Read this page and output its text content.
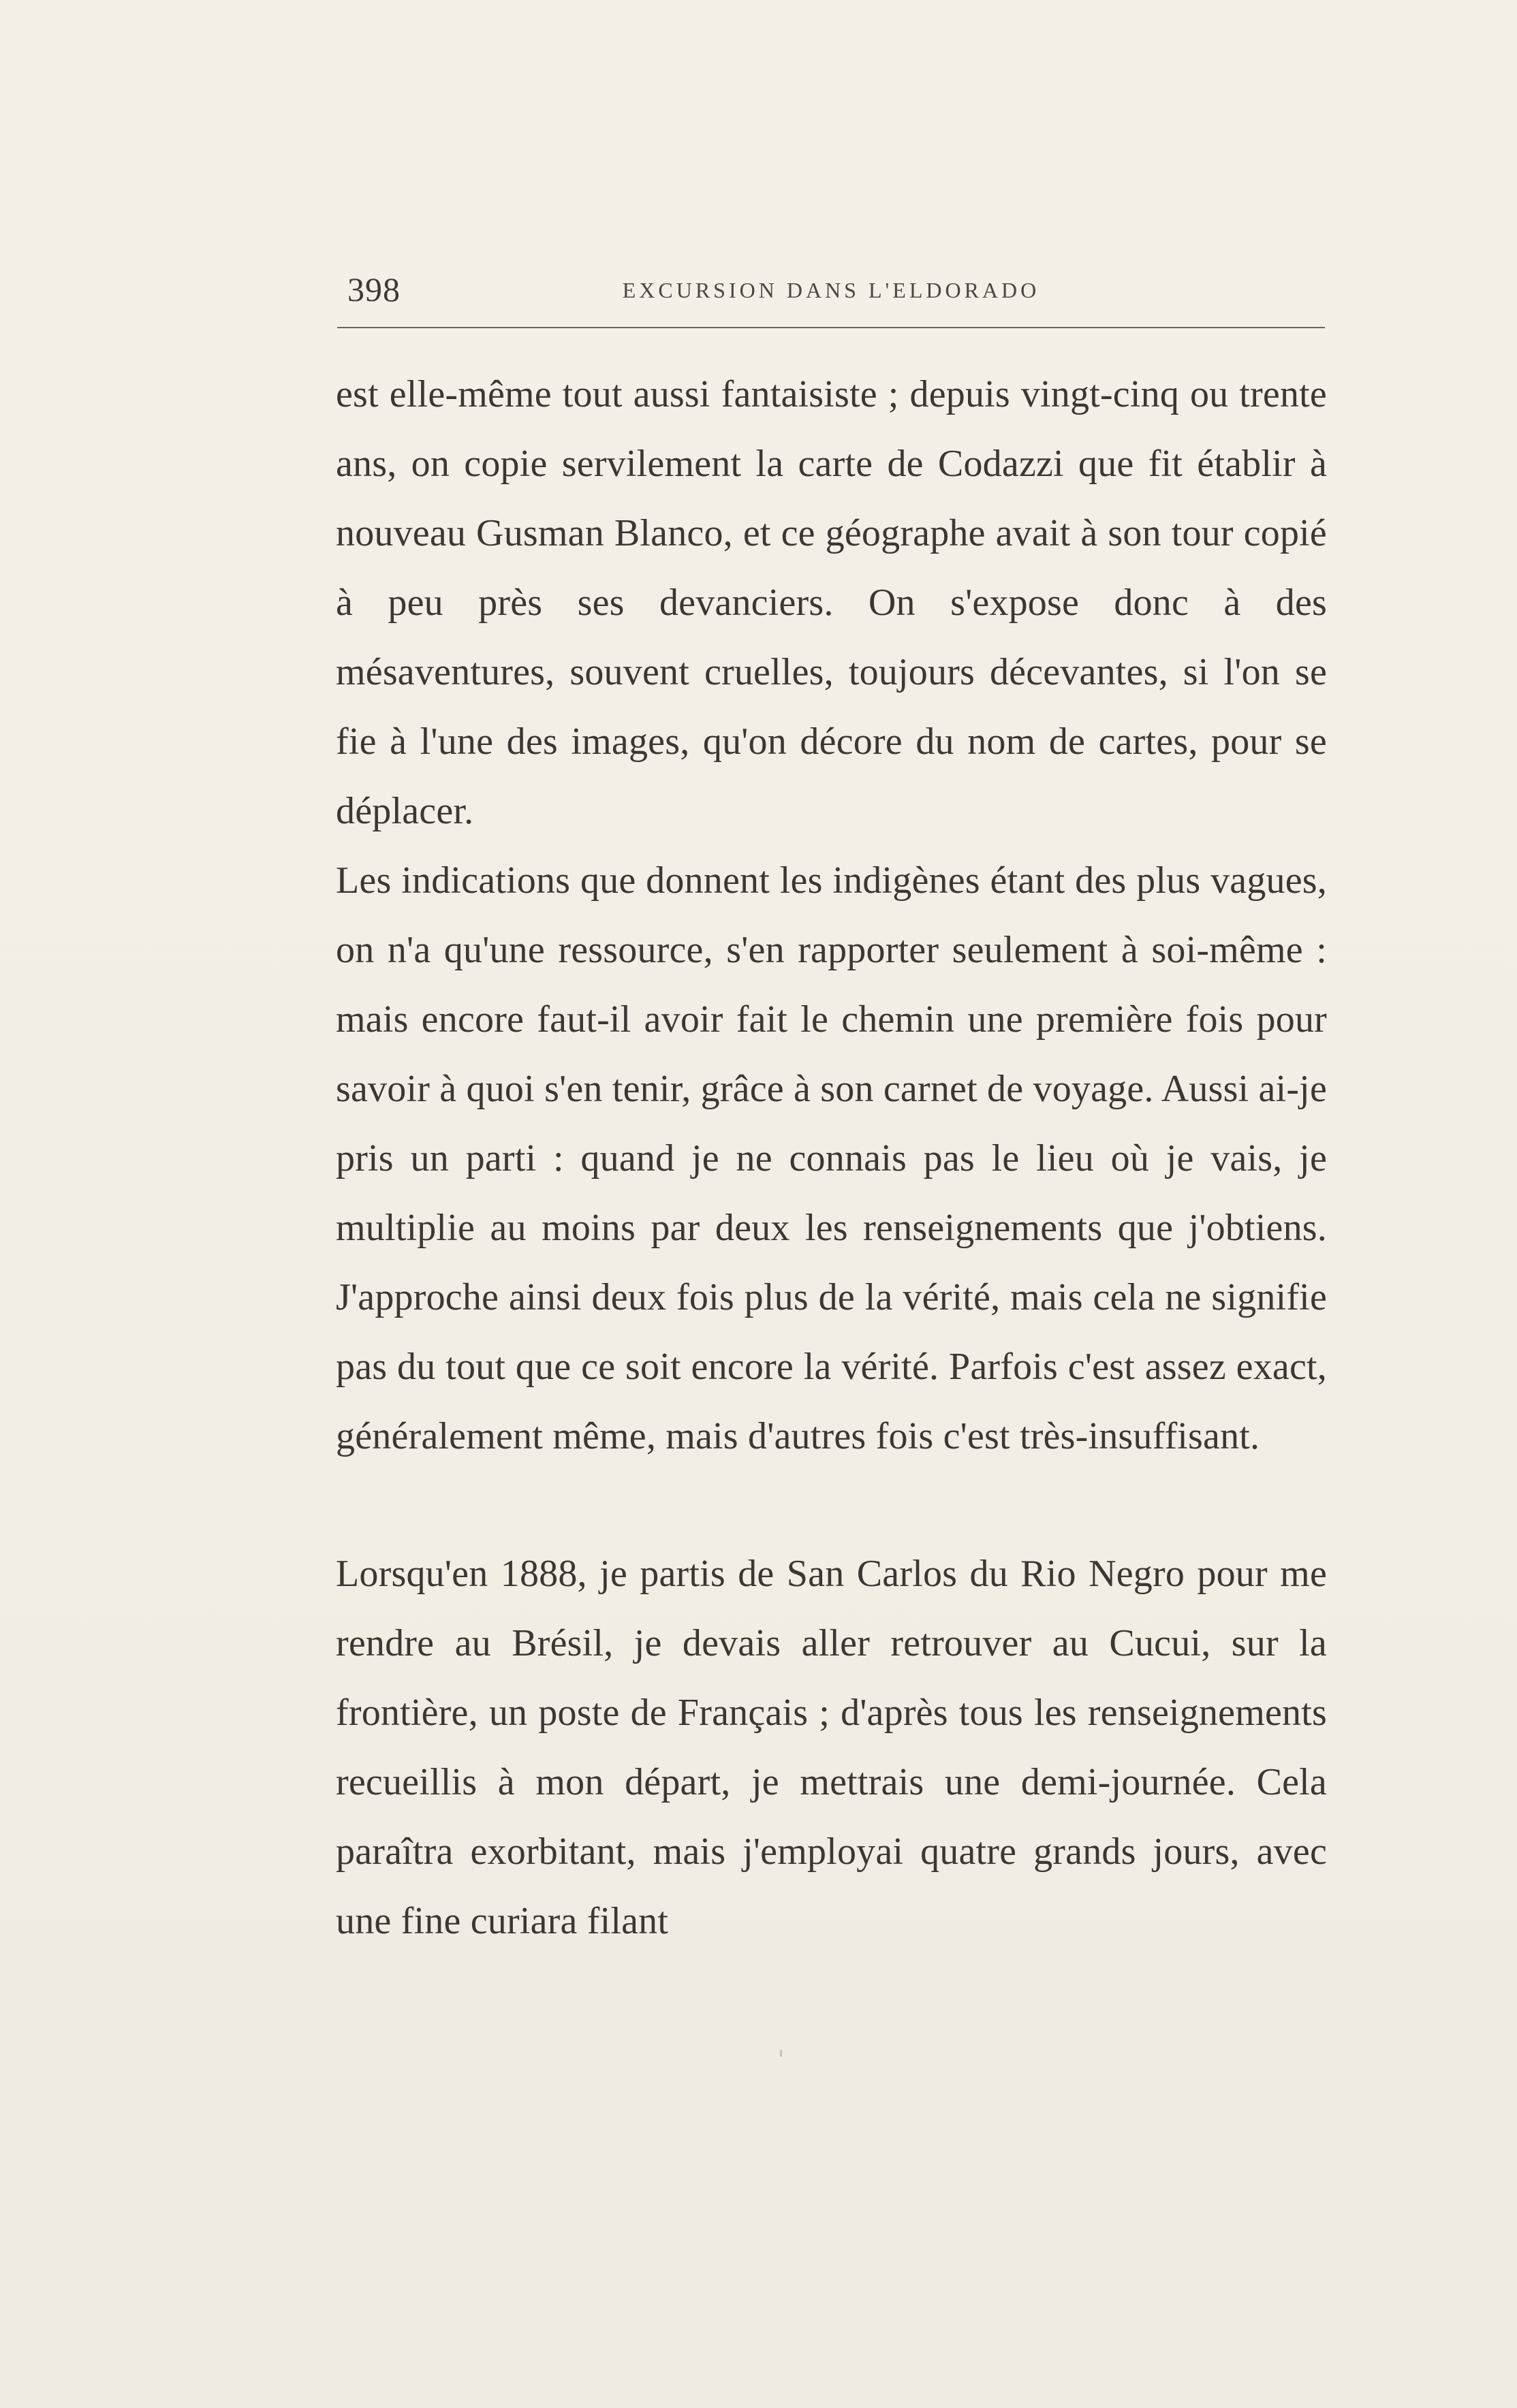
398	EXCURSION DANS L'ELDORADO

est elle-même tout aussi fantaisiste ; depuis vingt-cinq ou trente ans, on copie servilement la carte de Codazzi que fit établir à nouveau Gusman Blanco, et ce géographe avait à son tour copié à peu près ses devanciers. On s'expose donc à des mésaventures, souvent cruelles, toujours décevantes, si l'on se fie à l'une des images, qu'on décore du nom de cartes, pour se déplacer.

Les indications que donnent les indigènes étant des plus vagues, on n'a qu'une ressource, s'en rapporter seulement à soi-même : mais encore faut-il avoir fait le chemin une première fois pour savoir à quoi s'en tenir, grâce à son carnet de voyage. Aussi ai-je pris un parti : quand je ne connais pas le lieu où je vais, je multiplie au moins par deux les renseignements que j'obtiens. J'approche ainsi deux fois plus de la vérité, mais cela ne signifie pas du tout que ce soit encore la vérité. Parfois c'est assez exact, généralement même, mais d'autres fois c'est très-insuffisant.

Lorsqu'en 1888, je partis de San Carlos du Rio Negro pour me rendre au Brésil, je devais aller retrouver au Cucui, sur la frontière, un poste de Français ; d'après tous les renseignements recueillis à mon départ, je mettrais une demi-journée. Cela paraîtra exorbitant, mais j'employai quatre grands jours, avec une fine curiara filant
